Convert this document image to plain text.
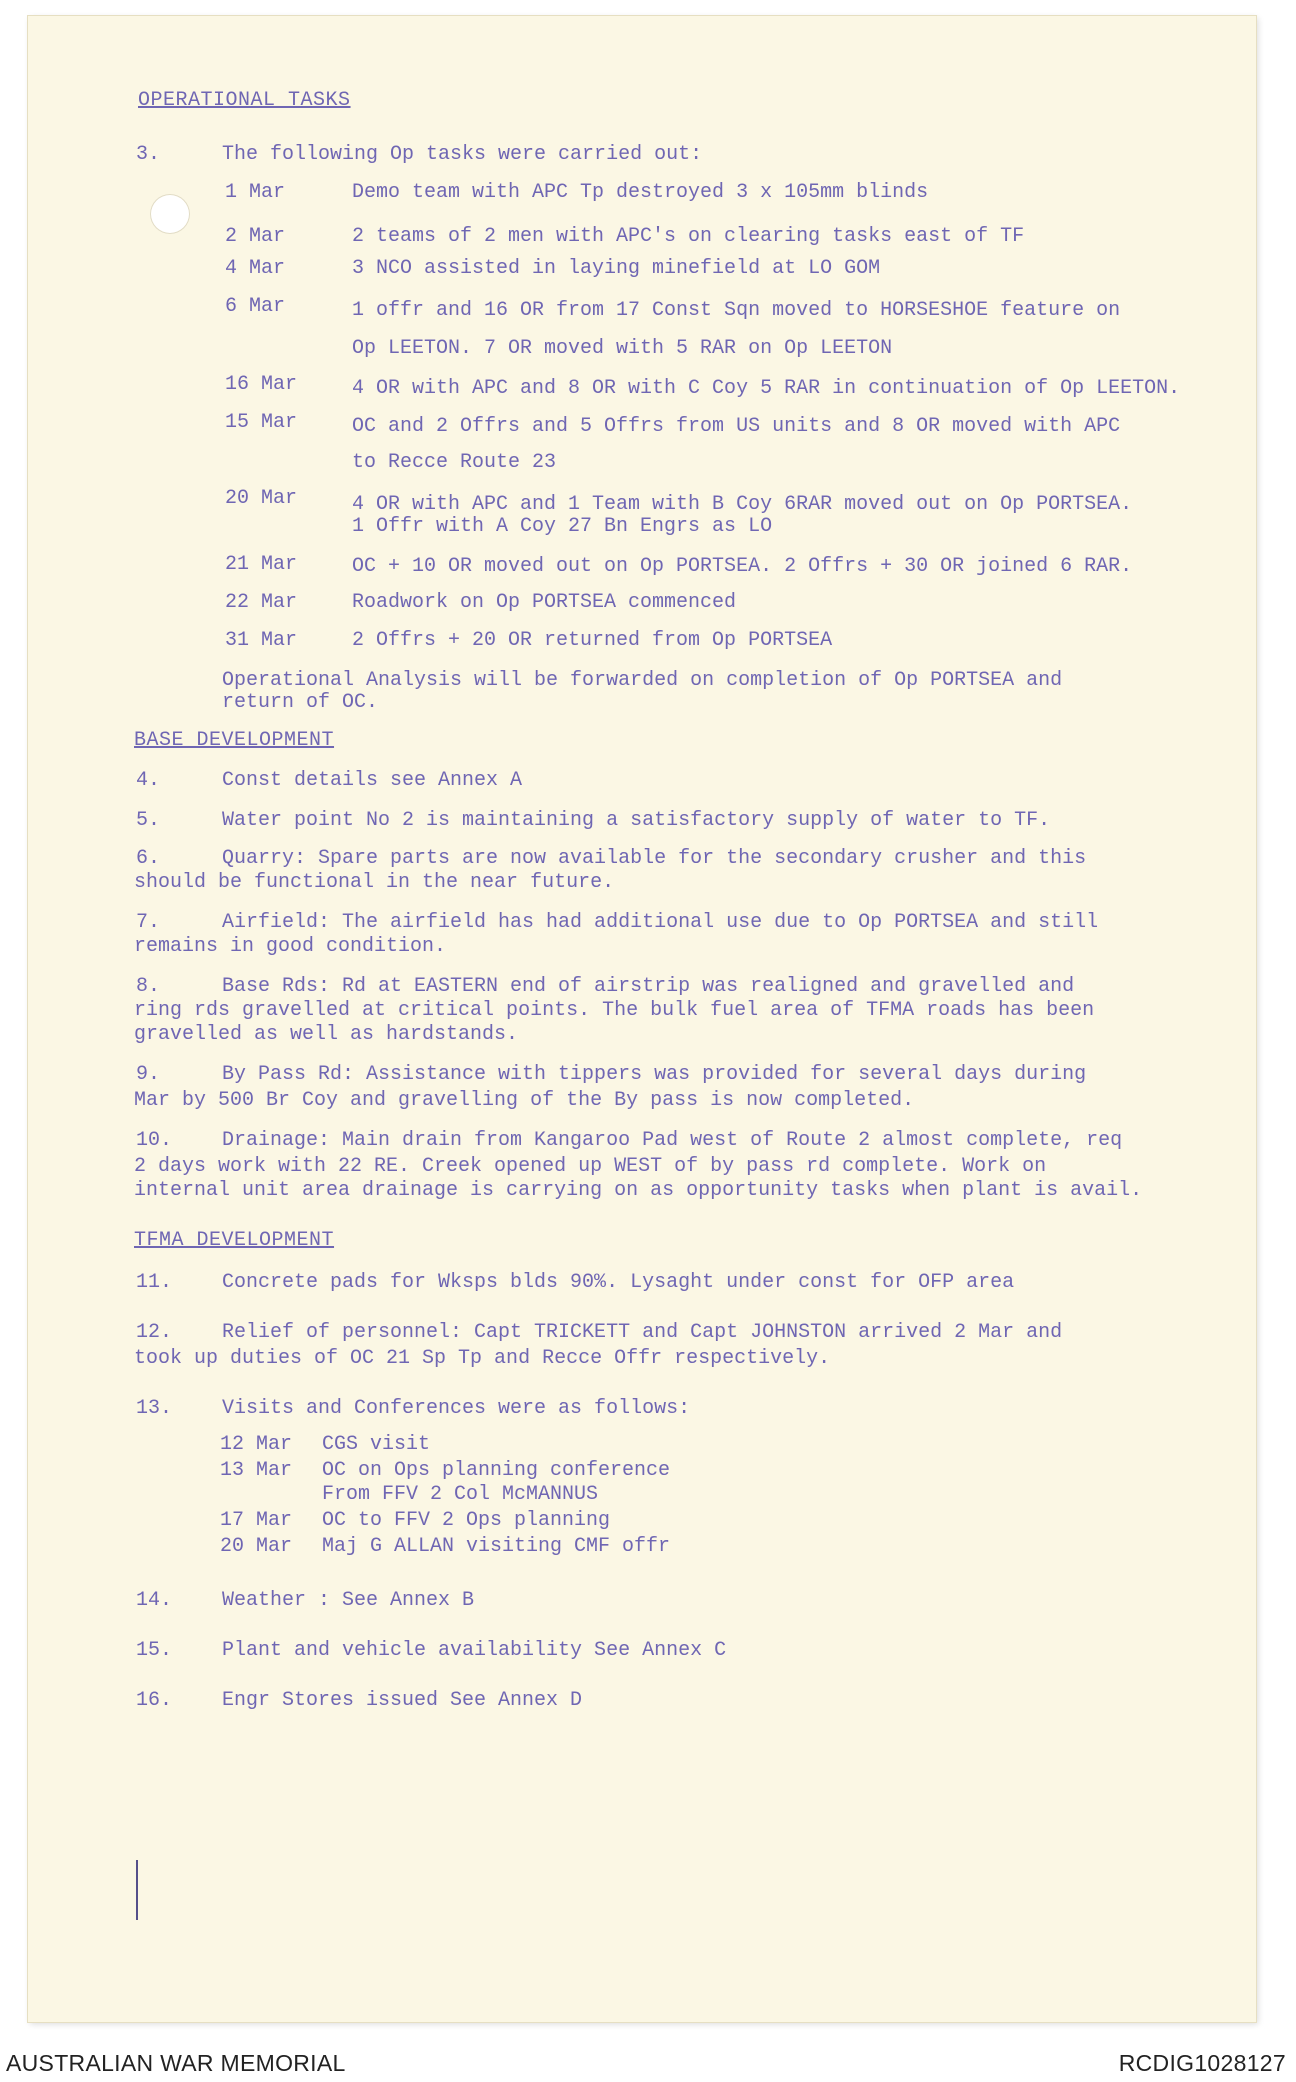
OPERATIONAL TASKS
3.	The following Op tasks were carried out:
1 Mar	Demo team with APC Tp destroyed 3 x 105mm blinds
2 Mar	2 teams of 2 men with APC's on clearing tasks east of TF
4 Mar	3 NCO assisted in laying minefield at LO GOM
6 Mar	1 offr and 16 OR from 17 Const Sqn moved to HORSESHOE feature on
Op LEETON. 7 OR moved with 5 RAR on Op LEETON
16 Mar	4 OR with APC and 8 OR with C Coy 5 RAR in continuation of Op LEETON.
15 Mar	OC and 2 Offrs and 5 Offrs from US units and 8 OR moved with APC
to Recce Route 23
20 Mar	4 OR with APC and 1 Team with B Coy 6RAR moved out on Op PORTSEA.
1 Offr with A Coy 27 Bn Engrs as LO
21 Mar	OC + 10 OR moved out on Op PORTSEA. 2 Offrs + 30 OR joined 6 RAR.
22 Mar	Roadwork on Op PORTSEA commenced
31 Mar	2 Offrs + 20 OR returned from Op PORTSEA
Operational Analysis will be forwarded on completion of Op PORTSEA and
return of OC.
BASE DEVELOPMENT
4.	Const details see Annex A
5.	Water point No 2 is maintaining a satisfactory supply of water to TF.
6.	Quarry: Spare parts are now available for the secondary crusher and this
should be functional in the near future.
7.	Airfield: The airfield has had additional use due to Op PORTSEA and still
remains in good condition.
8.	Base Rds: Rd at EASTERN end of airstrip was realigned and gravelled and
ring rds gravelled at critical points. The bulk fuel area of TFMA roads has been
gravelled as well as hardstands.
9.	By Pass Rd: Assistance with tippers was provided for several days during
Mar by 500 Br Coy and gravelling of the By pass is now completed.
10. Drainage: Main drain from Kangaroo Pad west of Route 2 almost complete, req
2 days work with 22 RE. Creek opened up WEST of by pass rd complete. Work on
internal unit area drainage is carrying on as opportunity tasks when plant is avail.
TFMA DEVELOPMENT
11. Concrete pads for Wksps blds 90%. Lysaght under const for OFP area
12. Relief of personnel: Capt TRICKETT and Capt JOHNSTON arrived 2 Mar and
took up duties of OC 21 Sp Tp and Recce Offr respectively.
13. Visits and Conferences were as follows:
12 Mar CGS visit
13 Mar OC on Ops planning conference
From FFV 2 Col McMANNUS
17 Mar OC to FFV 2 Ops planning
20 Mar Maj G ALLAN visiting CMF offr
14. Weather : See Annex B
15. Plant and vehicle availability See Annex C
16. Engr Stores issued See Annex D
AUSTRALIAN WAR MEMORIAL	RCDIG1028127
